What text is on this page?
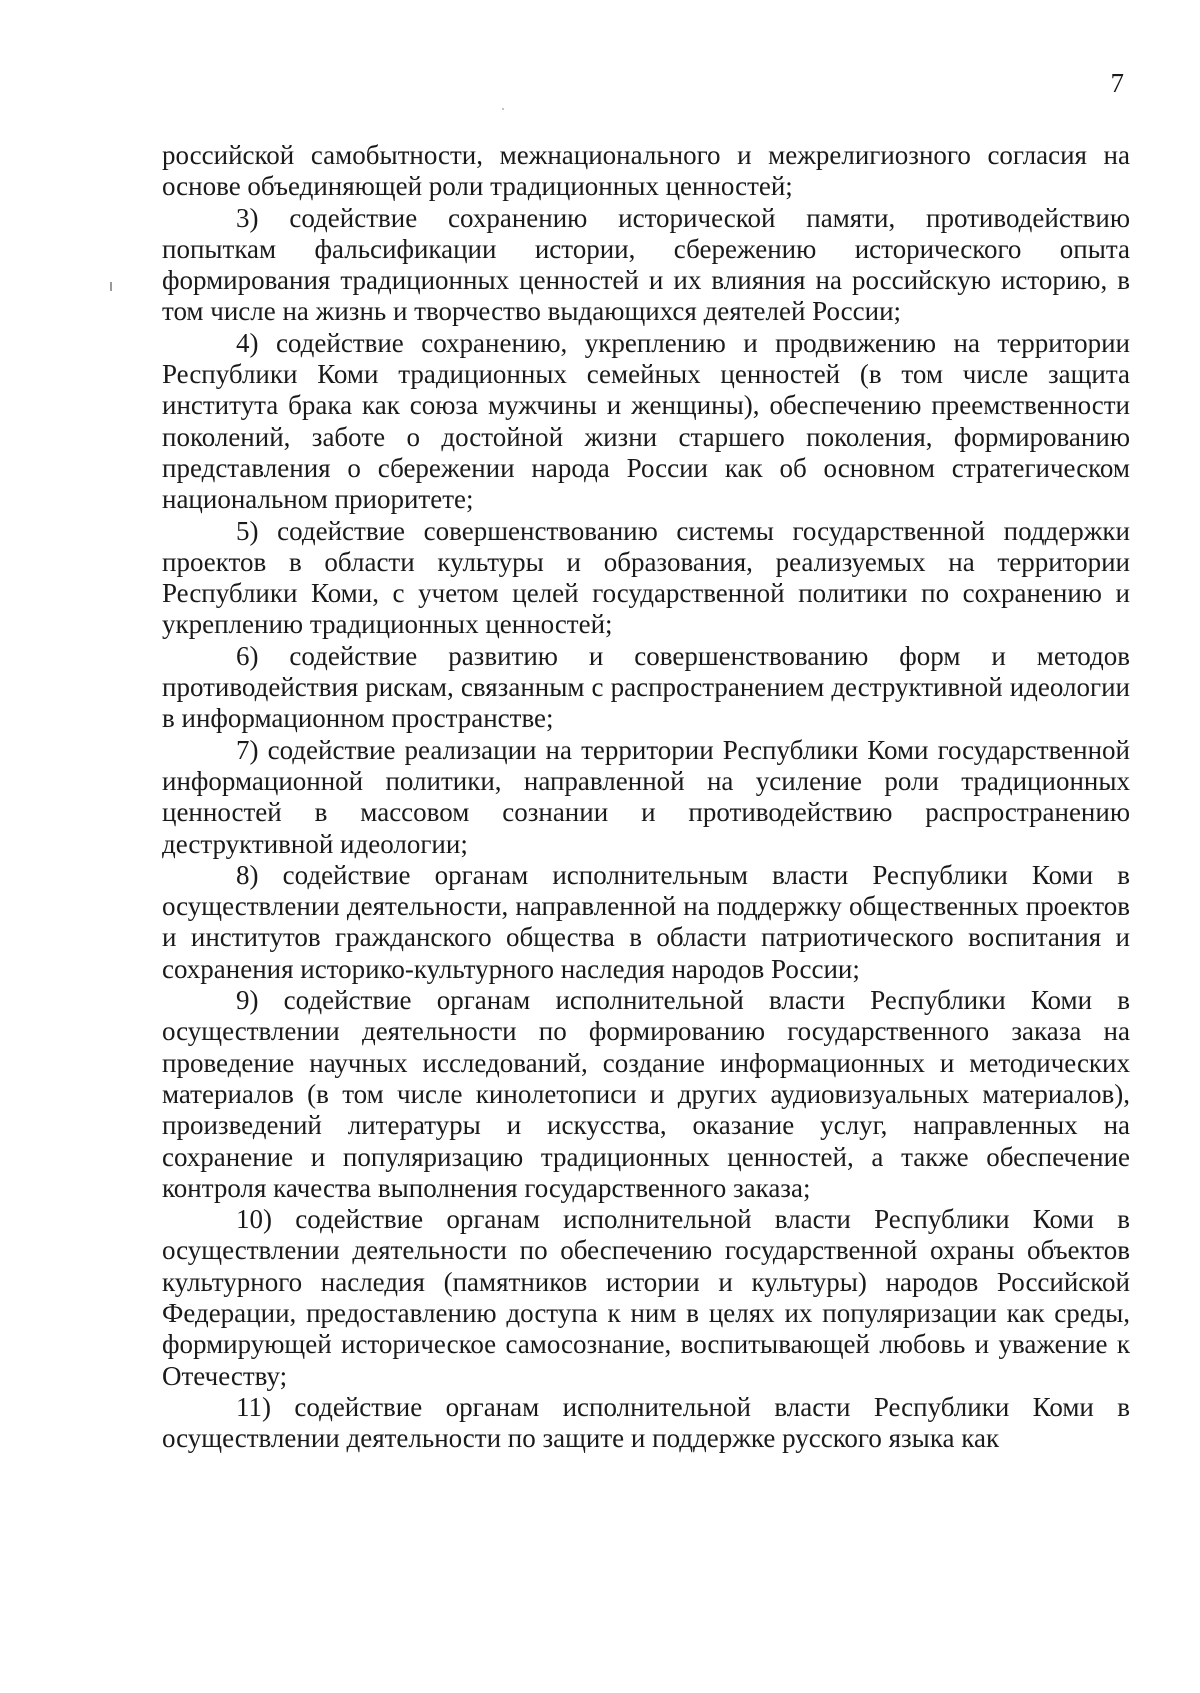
7

российской самобытности, межнационального и межрелигиозного согласия на основе объединяющей роли традиционных ценностей;

3) содействие сохранению исторической памяти, противодействию попыткам фальсификации истории, сбережению исторического опыта формирования традиционных ценностей и их влияния на российскую историю, в том числе на жизнь и творчество выдающихся деятелей России;

4) содействие сохранению, укреплению и продвижению на территории Республики Коми традиционных семейных ценностей (в том числе защита института брака как союза мужчины и женщины), обеспечению преемственности поколений, заботе о достойной жизни старшего поколения, формированию представления о сбережении народа России как об основном стратегическом национальном приоритете;

5) содействие совершенствованию системы государственной поддержки проектов в области культуры и образования, реализуемых на территории Республики Коми, с учетом целей государственной политики по сохранению и укреплению традиционных ценностей;

6) содействие развитию и совершенствованию форм и методов противодействия рискам, связанным с распространением деструктивной идеологии в информационном пространстве;

7) содействие реализации на территории Республики Коми государственной информационной политики, направленной на усиление роли традиционных ценностей в массовом сознании и противодействию распространению деструктивной идеологии;

8) содействие органам исполнительным власти Республики Коми в осуществлении деятельности, направленной на поддержку общественных проектов и институтов гражданского общества в области патриотического воспитания и сохранения историко-культурного наследия народов России;

9) содействие органам исполнительной власти Республики Коми в осуществлении деятельности по формированию государственного заказа на проведение научных исследований, создание информационных и методических материалов (в том числе кинолетописи и других аудиовизуальных материалов), произведений литературы и искусства, оказание услуг, направленных на сохранение и популяризацию традиционных ценностей, а также обеспечение контроля качества выполнения государственного заказа;

10) содействие органам исполнительной власти Республики Коми в осуществлении деятельности по обеспечению государственной охраны объектов культурного наследия (памятников истории и культуры) народов Российской Федерации, предоставлению доступа к ним в целях их популяризации как среды, формирующей историческое самосознание, воспитывающей любовь и уважение к Отечеству;

11) содействие органам исполнительной власти Республики Коми в осуществлении деятельности по защите и поддержке русского языка как
